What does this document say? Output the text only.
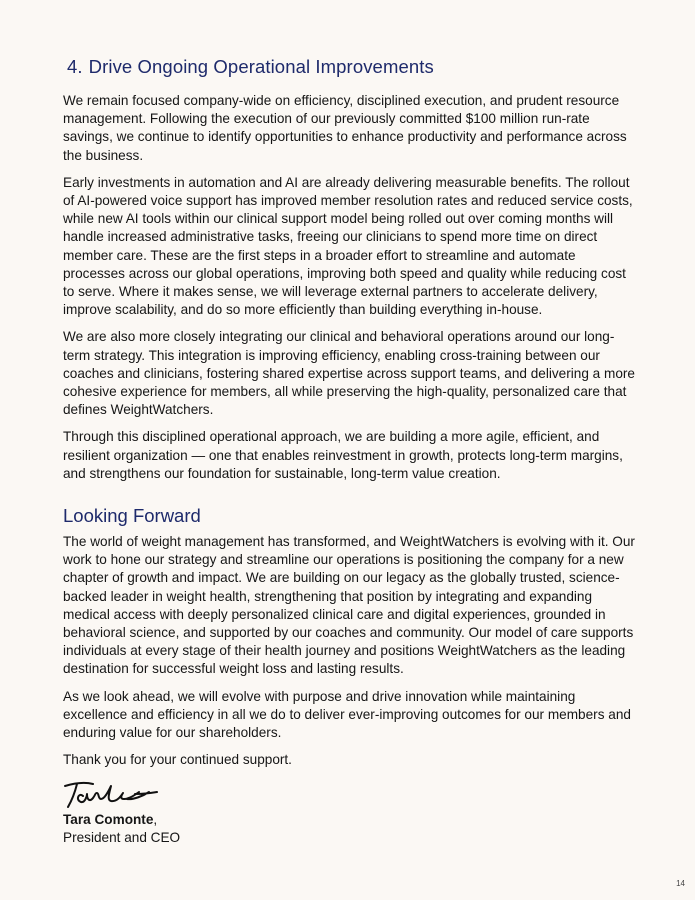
4. Drive Ongoing Operational Improvements

We remain focused company-wide on efficiency, disciplined execution, and prudent resource management. Following the execution of our previously committed $100 million run-rate savings, we continue to identify opportunities to enhance productivity and performance across the business.

Early investments in automation and AI are already delivering measurable benefits. The rollout of AI-powered voice support has improved member resolution rates and reduced service costs, while new AI tools within our clinical support model being rolled out over coming months will handle increased administrative tasks, freeing our clinicians to spend more time on direct member care. These are the first steps in a broader effort to streamline and automate processes across our global operations, improving both speed and quality while reducing cost to serve. Where it makes sense, we will leverage external partners to accelerate delivery, improve scalability, and do so more efficiently than building everything in-house.

We are also more closely integrating our clinical and behavioral operations around our long-term strategy. This integration is improving efficiency, enabling cross-training between our coaches and clinicians, fostering shared expertise across support teams, and delivering a more cohesive experience for members, all while preserving the high-quality, personalized care that defines WeightWatchers.

Through this disciplined operational approach, we are building a more agile, efficient, and resilient organization — one that enables reinvestment in growth, protects long-term margins, and strengthens our foundation for sustainable, long-term value creation.

Looking Forward

The world of weight management has transformed, and WeightWatchers is evolving with it. Our work to hone our strategy and streamline our operations is positioning the company for a new chapter of growth and impact. We are building on our legacy as the globally trusted, science-backed leader in weight health, strengthening that position by integrating and expanding medical access with deeply personalized clinical care and digital experiences, grounded in behavioral science, and supported by our coaches and community. Our model of care supports individuals at every stage of their health journey and positions WeightWatchers as the leading destination for successful weight loss and lasting results.

As we look ahead, we will evolve with purpose and drive innovation while maintaining excellence and efficiency in all we do to deliver ever-improving outcomes for our members and enduring value for our shareholders.

Thank you for your continued support.

Tara Comonte,

President and CEO

14
